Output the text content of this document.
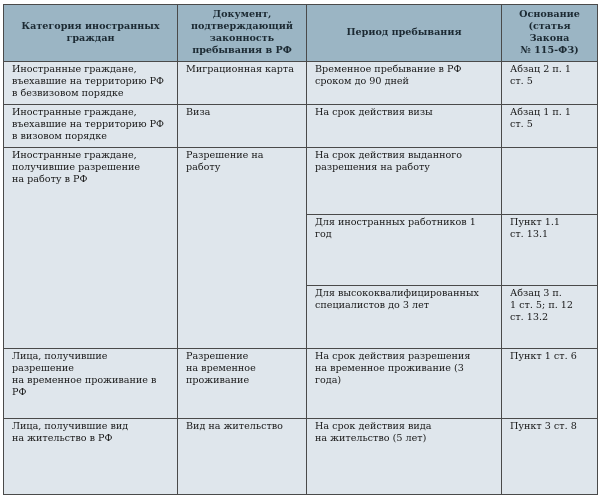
Категория иностранных
граждан	Документ,
подтверждающий
законность
пребывания в РФ	Период пребывания	Основание
(статья Закона
№ 115-ФЗ)
Иностранные граждане,
въехавшие на территорию РФ
в безвизовом порядке	Миграционная карта	Временное пребывание в РФ
сроком до 90 дней	Абзац 2 п. 1
ст. 5
Иностранные граждане,
въехавшие на территорию РФ
в визовом порядке	Виза	На срок действия визы	Абзац 1 п. 1
ст. 5
Иностранные граждане,
получившие разрешение
на работу в РФ	Разрешение на работу	На срок действия выданного
разрешения на работу	
		Для иностранных работников 1 год	Пункт 1.1
ст. 13.1
		Для высококвалифицированных
специалистов до 3 лет	Абзац 3 п.
1 ст. 5; п. 12
ст. 13.2
Лица, получившие разрешение
на временное проживание в РФ	Разрешение
на временное
проживание	На срок действия разрешения
на временное проживание (3 года)	Пункт 1 ст. 6
Лица, получившие вид
на жительство в РФ	Вид на жительство	На срок действия вида
на жительство (5 лет)	Пункт 3 ст. 8
